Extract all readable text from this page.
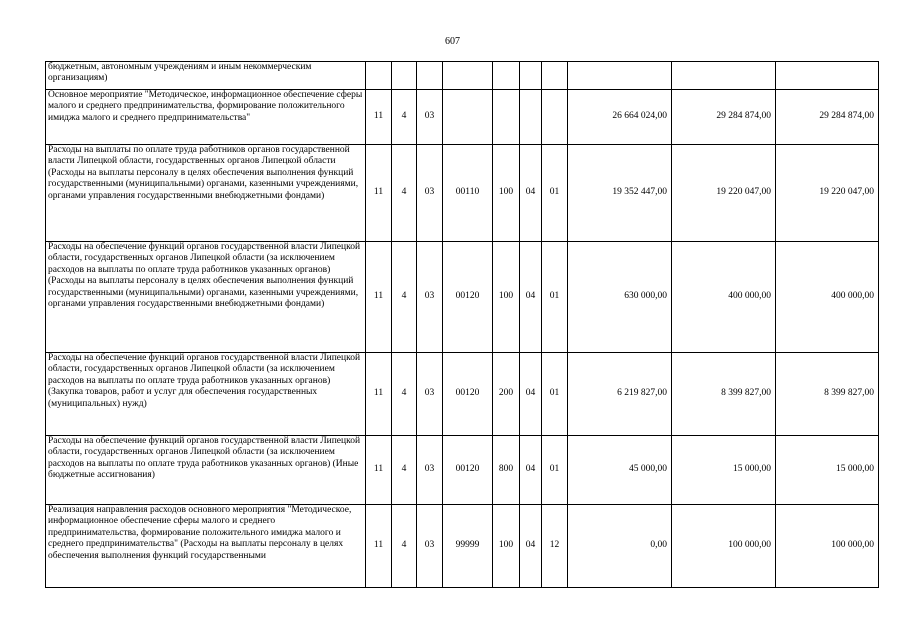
607
бюджетным, автономным учреждениям и иным некоммерческим организациям)										
Основное мероприятие "Методическое, информационное обеспечение сферы малого и среднего предпринимательства, формирование положительного имиджа малого и среднего предпринимательства"	11	4	03					26 664 024,00	29 284 874,00	29 284 874,00
Расходы на выплаты по оплате труда работников органов государственной власти Липецкой области, государственных органов Липецкой области (Расходы на выплаты персоналу в целях обеспечения выполнения функций государственными (муниципальными) органами, казенными учреждениями, органами управления государственными внебюджетными фондами)	11	4	03	00110	100	04	01	19 352 447,00	19 220 047,00	19 220 047,00
Расходы на обеспечение функций органов государственной власти Липецкой области, государственных органов Липецкой области (за исключением расходов на выплаты по оплате труда работников указанных органов) (Расходы на выплаты персоналу в целях обеспечения выполнения функций государственными (муниципальными) органами, казенными учреждениями, органами управления государственными внебюджетными фондами)	11	4	03	00120	100	04	01	630 000,00	400 000,00	400 000,00
Расходы на обеспечение функций органов государственной власти Липецкой области, государственных органов Липецкой области (за исключением расходов на выплаты по оплате труда работников указанных органов) (Закупка товаров, работ и услуг для обеспечения государственных (муниципальных) нужд)	11	4	03	00120	200	04	01	6 219 827,00	8 399 827,00	8 399 827,00
Расходы на обеспечение функций органов государственной власти Липецкой области, государственных органов Липецкой области (за исключением расходов на выплаты по оплате труда работников указанных органов) (Иные бюджетные ассигнования)	11	4	03	00120	800	04	01	45 000,00	15 000,00	15 000,00
Реализация направления расходов основного мероприятия "Методическое, информационное обеспечение сферы малого и среднего предпринимательства, формирование положительного имиджа малого и среднего предпринимательства" (Расходы на выплаты персоналу в целях обеспечения выполнения функций государственными	11	4	03	99999	100	04	12	0,00	100 000,00	100 000,00
